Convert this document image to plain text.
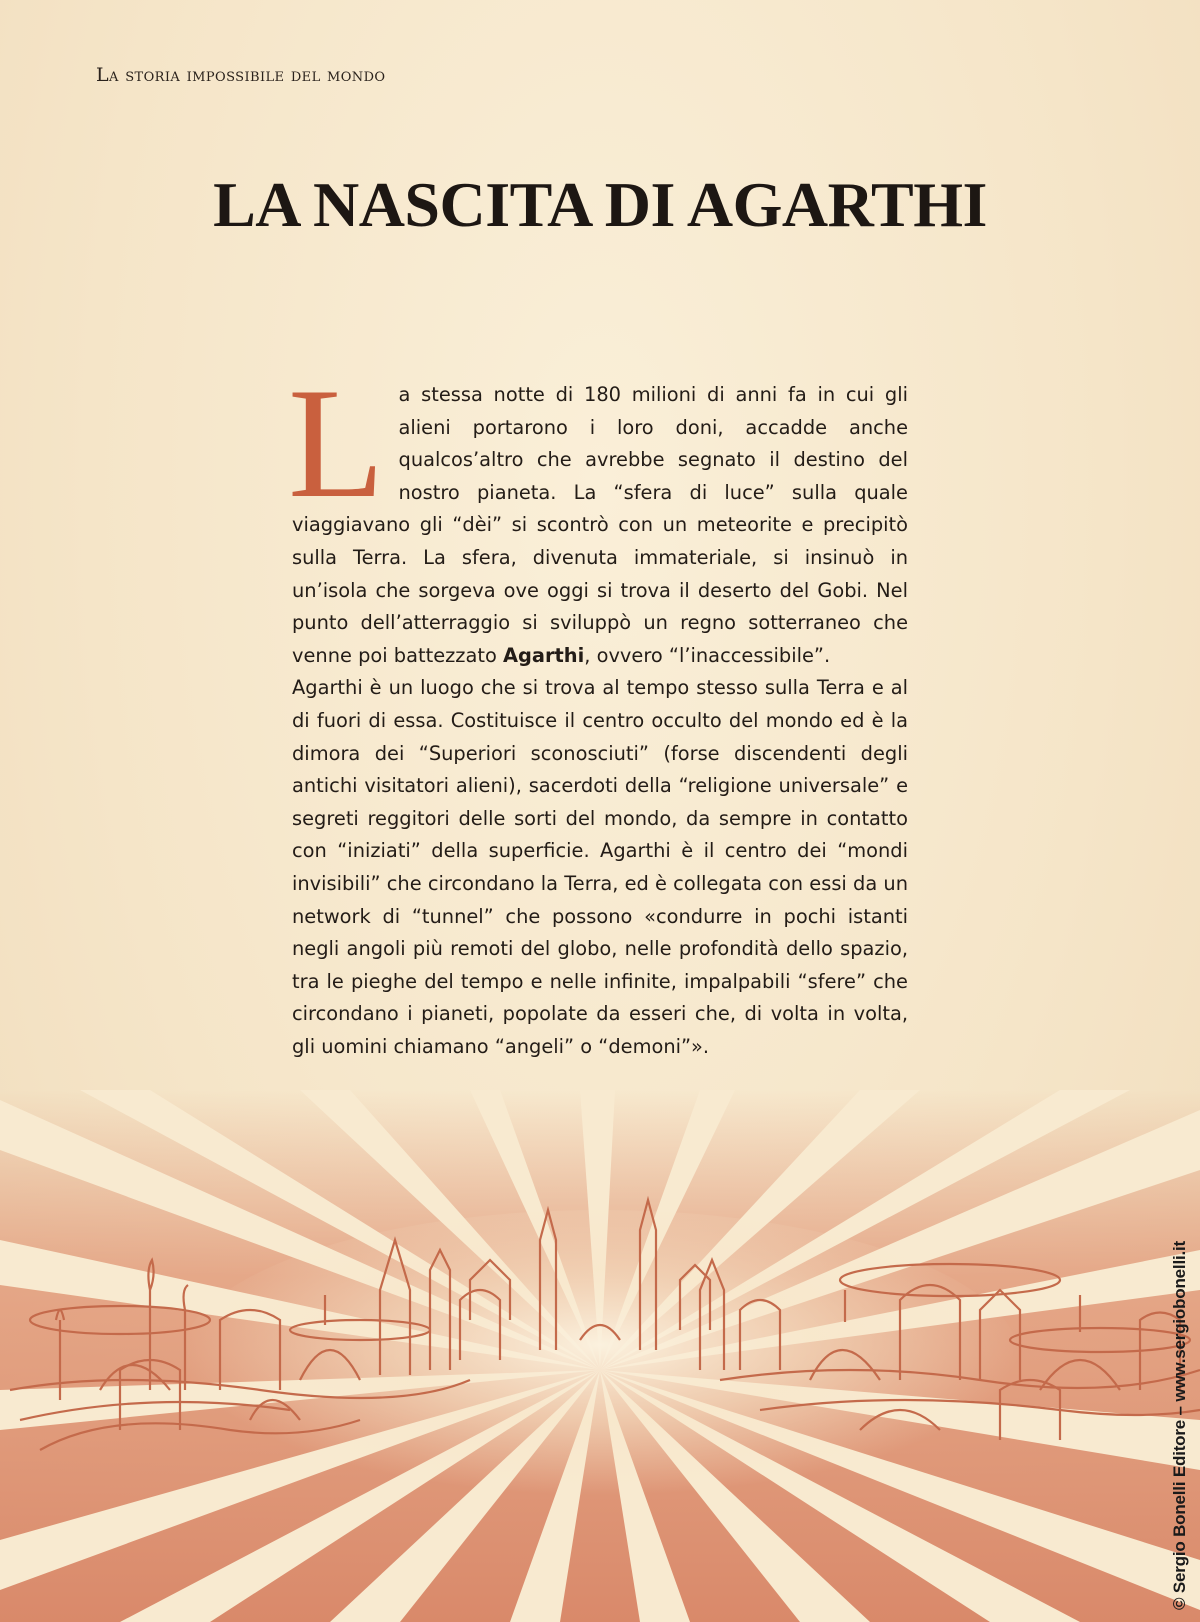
La storia impossibile del mondo
LA NASCITA DI AGARTHI
L a stessa notte di 180 milioni di anni fa in cui gli alieni portarono i loro doni, accadde anche qualcos’altro che avrebbe segnato il destino del nostro pianeta. La “sfera di luce” sulla quale viaggiavano gli “dèi” si scontrò con un meteorite e precipitò sulla Terra. La sfera, divenuta immateriale, si insinuò in un’isola che sorgeva ove oggi si trova il deserto del Gobi. Nel punto dell’atterraggio si sviluppò un regno sotterraneo che venne poi battezzato Agarthi, ovvero “l’inaccessibile”.

Agarthi è un luogo che si trova al tempo stesso sulla Terra e al di fuori di essa. Costituisce il centro occulto del mondo ed è la dimora dei “Superiori sconosciuti” (forse discendenti degli antichi visitatori alieni), sacerdoti della “religione universale” e segreti reggitori delle sorti del mondo, da sempre in contatto con “iniziati” della superficie. Agarthi è il centro dei “mondi invisibili” che circondano la Terra, ed è collegata con essi da un network di “tunnel” che possono «condurre in pochi istanti negli angoli più remoti del globo, nelle profondità dello spazio, tra le pieghe del tempo e nelle infinite, impalpabili “sfere” che circondano i pianeti, popolate da esseri che, di volta in volta, gli uomini chiamano “angeli” o “demoni”».

© Sergio Bonelli Editore – www.sergiobonelli.it
